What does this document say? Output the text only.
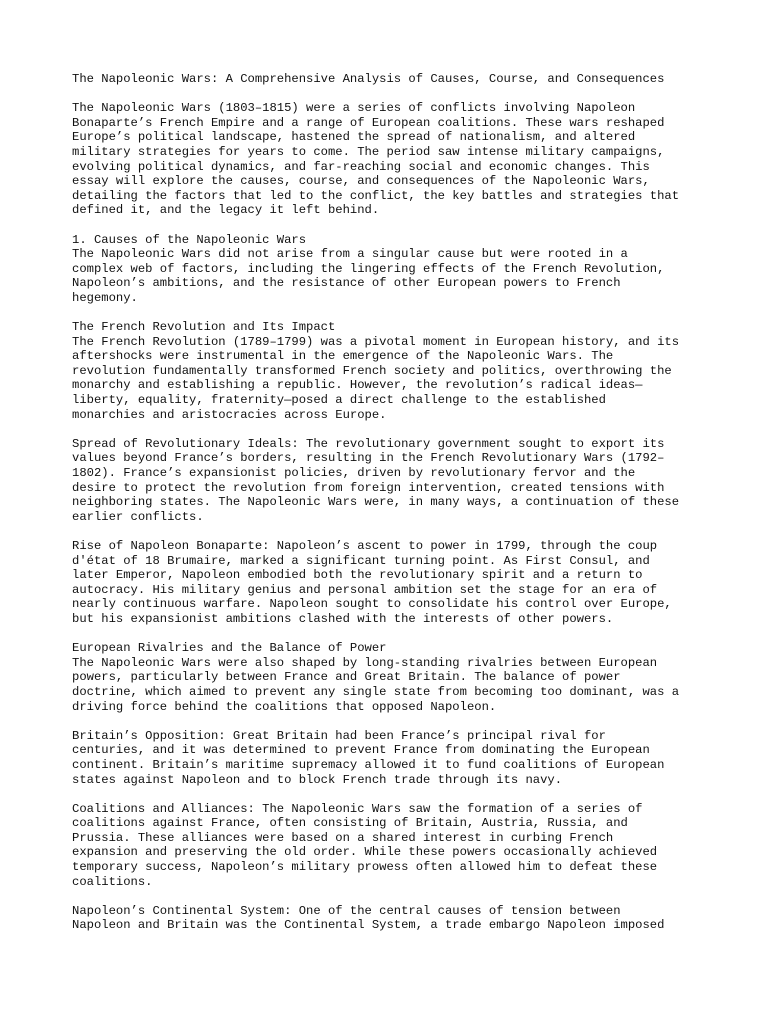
The Napoleonic Wars: A Comprehensive Analysis of Causes, Course, and Consequences
The Napoleonic Wars (1803–1815) were a series of conflicts involving Napoleon
Bonaparte’s French Empire and a range of European coalitions. These wars reshaped
Europe’s political landscape, hastened the spread of nationalism, and altered
military strategies for years to come. The period saw intense military campaigns,
evolving political dynamics, and far-reaching social and economic changes. This
essay will explore the causes, course, and consequences of the Napoleonic Wars,
detailing the factors that led to the conflict, the key battles and strategies that
defined it, and the legacy it left behind.
1. Causes of the Napoleonic Wars
The Napoleonic Wars did not arise from a singular cause but were rooted in a
complex web of factors, including the lingering effects of the French Revolution,
Napoleon’s ambitions, and the resistance of other European powers to French
hegemony.
The French Revolution and Its Impact
The French Revolution (1789–1799) was a pivotal moment in European history, and its
aftershocks were instrumental in the emergence of the Napoleonic Wars. The
revolution fundamentally transformed French society and politics, overthrowing the
monarchy and establishing a republic. However, the revolution’s radical ideas—
liberty, equality, fraternity—posed a direct challenge to the established
monarchies and aristocracies across Europe.
Spread of Revolutionary Ideals: The revolutionary government sought to export its
values beyond France’s borders, resulting in the French Revolutionary Wars (1792–
1802). France’s expansionist policies, driven by revolutionary fervor and the
desire to protect the revolution from foreign intervention, created tensions with
neighboring states. The Napoleonic Wars were, in many ways, a continuation of these
earlier conflicts.
Rise of Napoleon Bonaparte: Napoleon’s ascent to power in 1799, through the coup
d'état of 18 Brumaire, marked a significant turning point. As First Consul, and
later Emperor, Napoleon embodied both the revolutionary spirit and a return to
autocracy. His military genius and personal ambition set the stage for an era of
nearly continuous warfare. Napoleon sought to consolidate his control over Europe,
but his expansionist ambitions clashed with the interests of other powers.
European Rivalries and the Balance of Power
The Napoleonic Wars were also shaped by long-standing rivalries between European
powers, particularly between France and Great Britain. The balance of power
doctrine, which aimed to prevent any single state from becoming too dominant, was a
driving force behind the coalitions that opposed Napoleon.
Britain’s Opposition: Great Britain had been France’s principal rival for
centuries, and it was determined to prevent France from dominating the European
continent. Britain’s maritime supremacy allowed it to fund coalitions of European
states against Napoleon and to block French trade through its navy.
Coalitions and Alliances: The Napoleonic Wars saw the formation of a series of
coalitions against France, often consisting of Britain, Austria, Russia, and
Prussia. These alliances were based on a shared interest in curbing French
expansion and preserving the old order. While these powers occasionally achieved
temporary success, Napoleon’s military prowess often allowed him to defeat these
coalitions.
Napoleon’s Continental System: One of the central causes of tension between
Napoleon and Britain was the Continental System, a trade embargo Napoleon imposed
